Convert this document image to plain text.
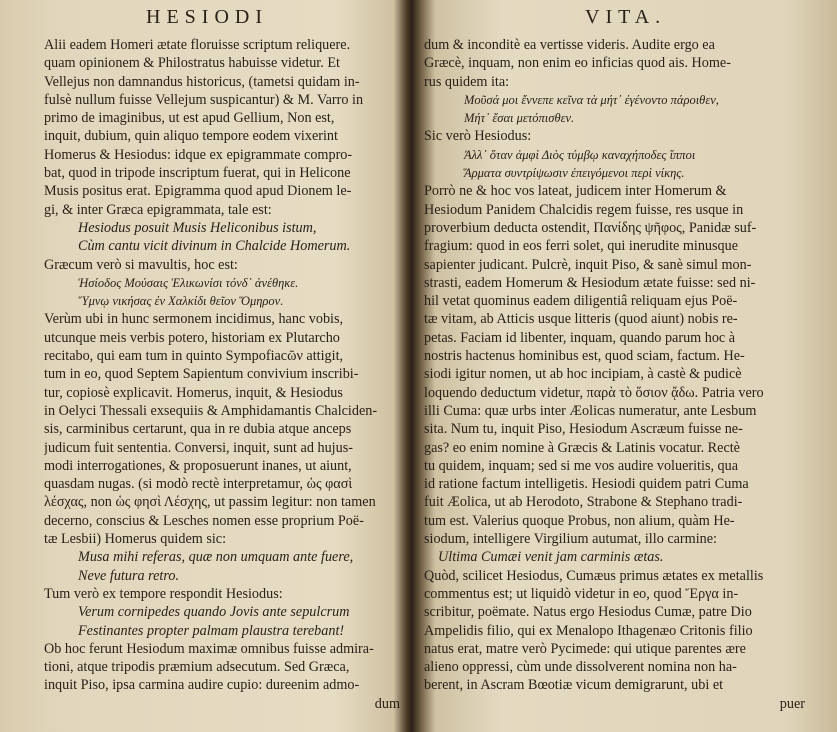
HESIODI
Alii eadem Homeri ætate floruisse scriptum reliquere.
quam opinionem & Philostratus habuisse videtur. Et
Vellejus non damnandus historicus, (tametsi quidam in-
fulsè nullum fuisse Vellejum suspicantur) & M. Varro in
primo de imaginibus, ut est apud Gellium, Non est,
inquit, dubium, quin aliquo tempore eodem vixerint
Homerus & Hesiodus: idque ex epigrammate compro-
bat, quod in tripode inscriptum fuerat, qui in Helicone
Musis positus erat. Epigramma quod apud Dionem le-
gi, & inter Græca epigrammata, tale est:
Hesiodus posuit Musis Heliconibus istum,
Cùm cantu vicit divinum in Chalcide Homerum.
Græcum verò si mavultis, hoc est:
Ἡσίοδος Μούσαις Ἑλικωνίσι τόνδ᾽ ἀνέθηκε.
Ὕμνῳ νικήσας ἐν Χαλκίδι θεῖον Ὅμηρον.
Verùm ubi in hunc sermonem incidimus, hanc vobis,
utcunque meis verbis potero, historiam ex Plutarcho
recitabo, qui eam tum in quinto Sympofiacῶν attigit,
tum in eo, quod Septem Sapientum convivium inscribi-
tur, copiosè explicavit. Homerus, inquit, & Hesiodus
in Oelyci Thessali exsequiis & Amphidamantis Chalciden-
sis, carminibus certarunt, qua in re dubia atque anceps
judicum fuit sententia. Conversi, inquit, sunt ad hujus-
modi interrogationes, & proposuerunt inanes, ut aiunt,
quasdam nugas. (si modò rectè interpretamur, ὡς φασὶ
λέσχας, non ὡς φησὶ Λέσχης, ut passim legitur: non tamen
decerno, conscius & Lesches nomen esse proprium Poë-
tæ Lesbii) Homerus quidem sic:
Musa mihi referas, quæ non umquam ante fuere,
Neve futura retro.
Tum verò ex tempore respondit Hesiodus:
Verum cornipedes quando Jovis ante sepulcrum
Festinantes propter palmam plaustra terebant!
Ob hoc ferunt Hesiodum maximæ omnibus fuisse admira-
tioni, atque tripodis præmium adsecutum. Sed Græca,
inquit Piso, ipsa carmina audire cupio: dureenim admo-
dum
VITA.
dum & inconditè ea vertisse videris. Audite ergo ea
Græcè, inquam, non enim eo inficias quod ais. Home-
rus quidem ita:
Μοῦσά μοι ἔννεπε κεῖνα τὰ μήτ᾽ ἐγένοντο πάροιθεν,
Μήτ᾽ ἔσαι μετόπισθεν.
Sic verò Hesiodus:
Ἀλλ᾽ ὅταν ἀμφὶ Διὸς τύμβῳ καναχήποδες ἵπποι
Ἅρματα συντρίψωσιν ἐπειγόμενοι περὶ νίκης.
Porrò ne & hoc vos lateat, judicem inter Homerum &
Hesiodum Panidem Chalcidis regem fuisse, res usque in
proverbium deducta ostendit, Πανίδης ψῆφος, Panidæ suf-
fragium: quod in eos ferri solet, qui inerudite minusque
sapienter judicant. Pulcrè, inquit Piso, & sanè simul mon-
strasti, eadem Homerum & Hesiodum ætate fuisse: sed ni-
hil vetat quominus eadem diligentiâ reliquam ejus Poë-
tæ vitam, ab Atticis usque litteris (quod aiunt) nobis re-
petas. Faciam id libenter, inquam, quando parum hoc à
nostris hactenus hominibus est, quod sciam, factum. He-
siodi igitur nomen, ut ab hoc incipiam, à castè & pudicè
loquendo deductum videtur, παρὰ τὸ ὅσιον ᾄδω. Patria vero
illi Cuma: quæ urbs inter Æolicas numeratur, ante Lesbum
sita. Num tu, inquit Piso, Hesiodum Ascræum fuisse ne-
gas? eo enim nomine à Græcis & Latinis vocatur. Rectè
tu quidem, inquam; sed si me vos audire volueritis, qua
id ratione factum intelligetis. Hesiodi quidem patri Cuma
fuit Æolica, ut ab Herodoto, Strabone & Stephano tradi-
tum est. Valerius quoque Probus, non alium, quàm He-
siodum, intelligere Virgilium autumat, illo carmine:
Ultima Cumæi venit jam carminis ætas.
Quòd, scilicet Hesiodus, Cumæus primus ætates ex metallis
commentus est; ut liquidò videtur in eo, quod Ἔργα in-
scribitur, poëmate. Natus ergo Hesiodus Cumæ, patre Dio
Ampelidis filio, qui ex Menalopo Ithagenæo Critonis filio
natus erat, matre verò Pycimede: qui utique parentes ære
alieno oppressi, cùm unde dissolverent nomina non ha-
berent, in Ascram Bœotiæ vicum demigrarunt, ubi et
puer
